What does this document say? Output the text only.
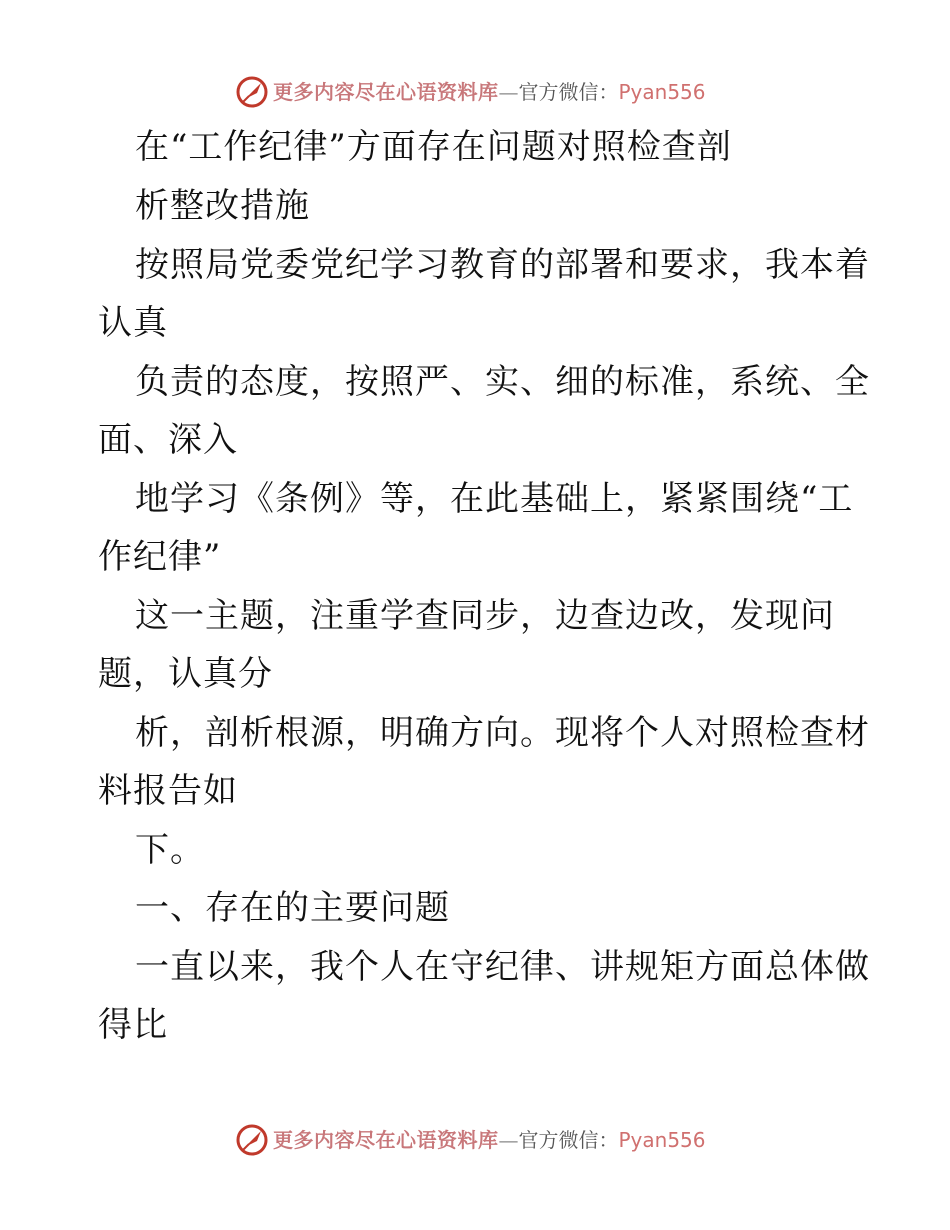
更多内容尽在心语资料库—官方微信：Pyan556
在“工作纪律”方面存在问题对照检查剖
析整改措施
按照局党委党纪学习教育的部署和要求，我本着
认真
负责的态度，按照严、实、细的标准，系统、全
面、深入
地学习《条例》等，在此基础上，紧紧围绕“工
作纪律”
这一主题，注重学查同步，边查边改，发现问
题，认真分
析，剖析根源，明确方向。现将个人对照检查材
料报告如
下。
一、存在的主要问题
一直以来，我个人在守纪律、讲规矩方面总体做
得比
更多内容尽在心语资料库—官方微信：Pyan556
